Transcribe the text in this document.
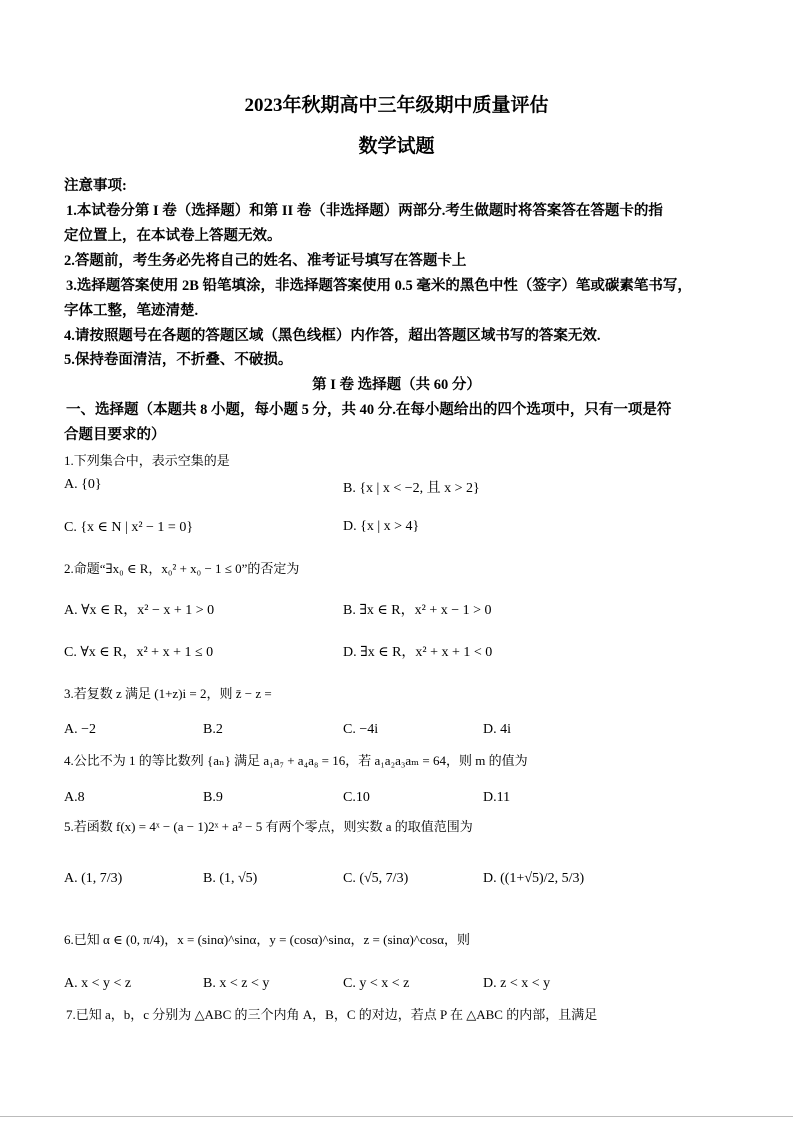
2023年秋期高中三年级期中质量评估
数学试题
注意事项:
1.本试卷分第 I 卷（选择题）和第 II 卷（非选择题）两部分.考生做题时将答案答在答题卡的指
定位置上，在本试卷上答题无效。
2.答题前，考生务必先将自己的姓名、准考证号填写在答题卡上
3.选择题答案使用 2B 铅笔填涂，非选择题答案使用 0.5 毫米的黑色中性（签字）笔或碳素笔书写，
字体工整，笔迹清楚.
4.请按照题号在各题的答题区域（黑色线框）内作答，超出答题区域书写的答案无效.
5.保持卷面清洁，不折叠、不破损。
第 I 卷 选择题（共 60 分）
一、选择题（本题共 8 小题，每小题 5 分，共 40 分.在每小题给出的四个选项中，只有一项是符
合题目要求的）
1.下列集合中，表示空集的是
A. {0}	B. {x | x < −2, 且 x > 2}
C. {x ∈ N | x² − 1 = 0}	D. {x | x > 4}
2.命题“∃x₀ ∈ R，x₀² + x₀ − 1 ≤ 0”的否定为
A. ∀x ∈ R，x² − x + 1 > 0	B. ∃x ∈ R，x² + x − 1 > 0
C. ∀x ∈ R，x² + x + 1 ≤ 0	D. ∃x ∈ R，x² + x + 1 < 0
3.若复数 z 满足 (1+z)i = 2，则 z̄ − z =
A. −2	B.2	C. −4i	D. 4i
4.公比不为 1 的等比数列 {aₙ} 满足 a₁a₇ + a₄a₈ = 16，若 a₁a₂a₃aₘ = 64，则 m 的值为
A.8	B.9	C.10	D.11
5.若函数 f(x) = 4ˣ − (a − 1)2ˣ + a² − 5 有两个零点，则实数 a 的取值范围为
A. (1, 7/3)	B. (1, √5)	C. (√5, 7/3)	D. ((1+√5)/2, 5/3)
6.已知 α ∈ (0, π/4)，x = (sinα)^sinα，y = (cosα)^sinα，z = (sinα)^cosα，则
A. x < y < z	B. x < z < y	C. y < x < z	D. z < x < y
7.已知 a，b，c 分别为 △ABC 的三个内角 A，B，C 的对边，若点 P 在 △ABC 的内部，且满足
